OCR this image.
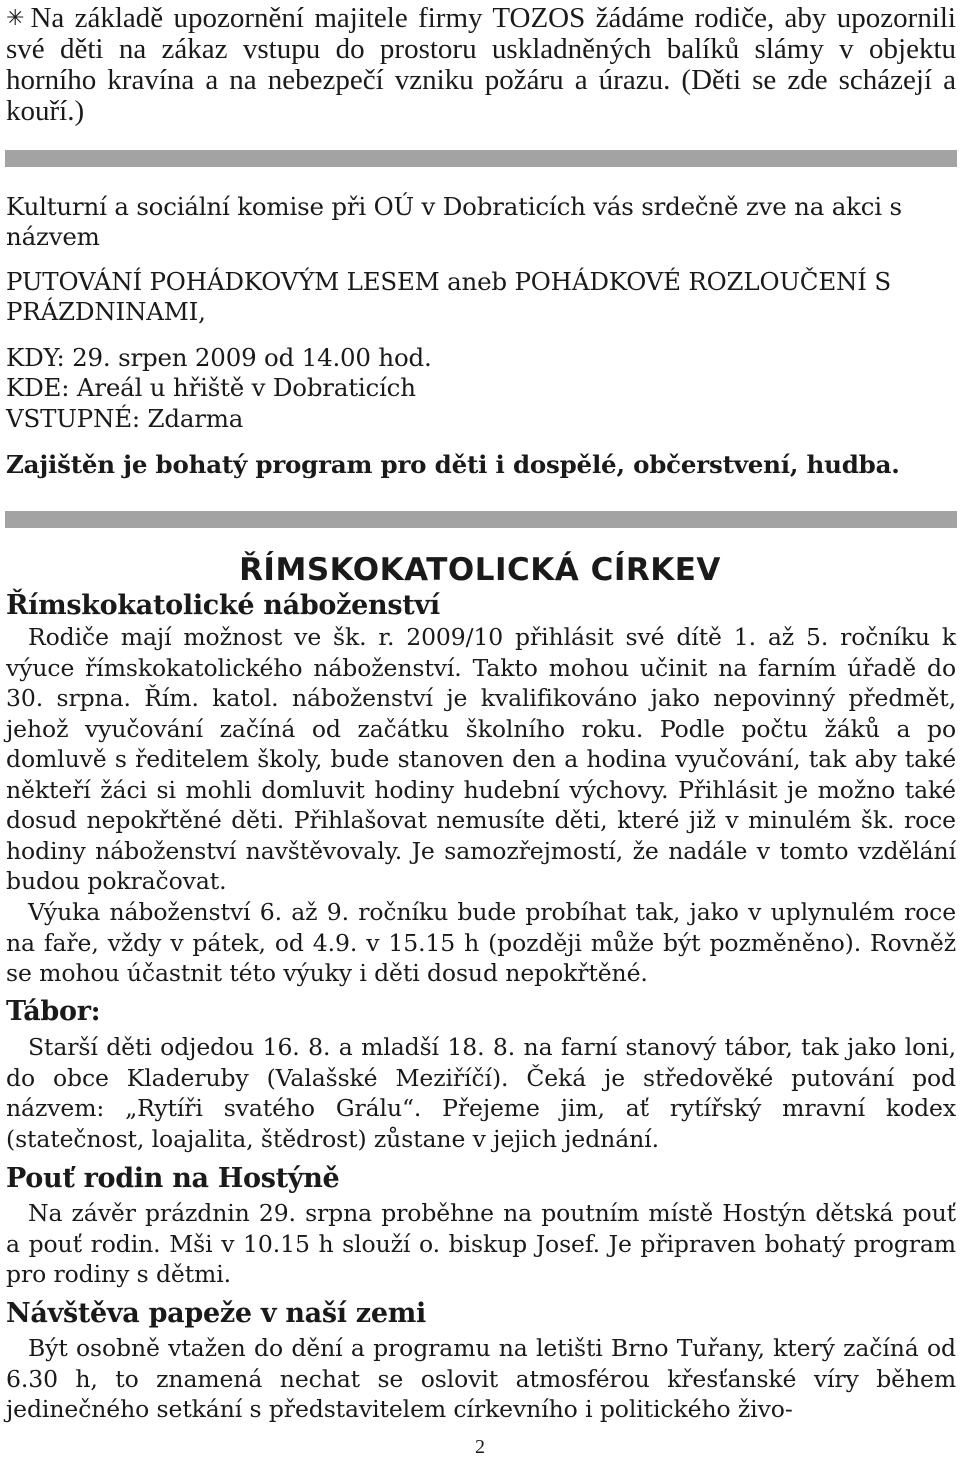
✳ Na základě upozornění majitele firmy TOZOS žádáme rodiče, aby upozornili své děti na zákaz vstupu do prostoru uskladněných balíků slámy v objektu horního kravína a na nebezpečí vzniku požáru a úrazu. (Děti se zde scházejí a kouří.)

Kulturní a sociální komise při OÚ v Dobraticích vás srdečně zve na akci s názvem

PUTOVÁNÍ POHÁDKOVÝM LESEM aneb POHÁDKOVÉ ROZLOUČENÍ S PRÁZDNINAMI,

KDY: 29. srpen 2009 od 14.00 hod.

KDE: Areál u hřiště v Dobraticích

VSTUPNÉ: Zdarma

Zajištěn je bohatý program pro děti i dospělé, občerstvení, hudba.

ŘÍMSKOKATOLICKÁ CÍRKEV
Římskokatolické náboženství

Rodiče mají možnost ve šk. r. 2009/10 přihlásit své dítě 1. až 5. ročníku k výuce římskokatolického náboženství. Takto mohou učinit na farním úřadě do 30. srpna. Řím. katol. náboženství je kvalifikováno jako nepovinný předmět, jehož vyučování začíná od začátku školního roku. Podle počtu žáků a po domluvě s ředitelem školy, bude stanoven den a hodina vyučování, tak aby také někteří žáci si mohli domluvit hodiny hudební výchovy. Přihlásit je možno také dosud nepokřtěné děti. Přihlašovat nemusíte děti, které již v minulém šk. roce hodiny náboženství navštěvovaly. Je samozřejmostí, že nadále v tomto vzdělání budou pokračovat.

Výuka náboženství 6. až 9. ročníku bude probíhat tak, jako v uplynulém roce na faře, vždy v pátek, od 4.9. v 15.15 h (později může být pozměněno). Rovněž se mohou účastnit této výuky i děti dosud nepokřtěné.

Tábor:

Starší děti odjedou 16. 8. a mladší 18. 8. na farní stanový tábor, tak jako loni, do obce Kladeruby (Valašské Meziříčí). Čeká je středověké putování pod názvem: „Rytíři svatého Grálu“. Přejeme jim, ať rytířský mravní kodex (statečnost, loajalita, štědrost) zůstane v jejich jednání.

Pouť rodin na Hostýně

Na závěr prázdnin 29. srpna proběhne na poutním místě Hostýn dětská pouť a pouť rodin. Mši v 10.15 h slouží o. biskup Josef. Je připraven bohatý program pro rodiny s dětmi.

Návštěva papeže v naší zemi

Být osobně vtažen do dění a programu na letišti Brno Tuřany, který začíná od 6.30 h, to znamená nechat se oslovit atmosférou křesťanské víry během jedinečného setkání s představitelem církevního i politického živo-

2
